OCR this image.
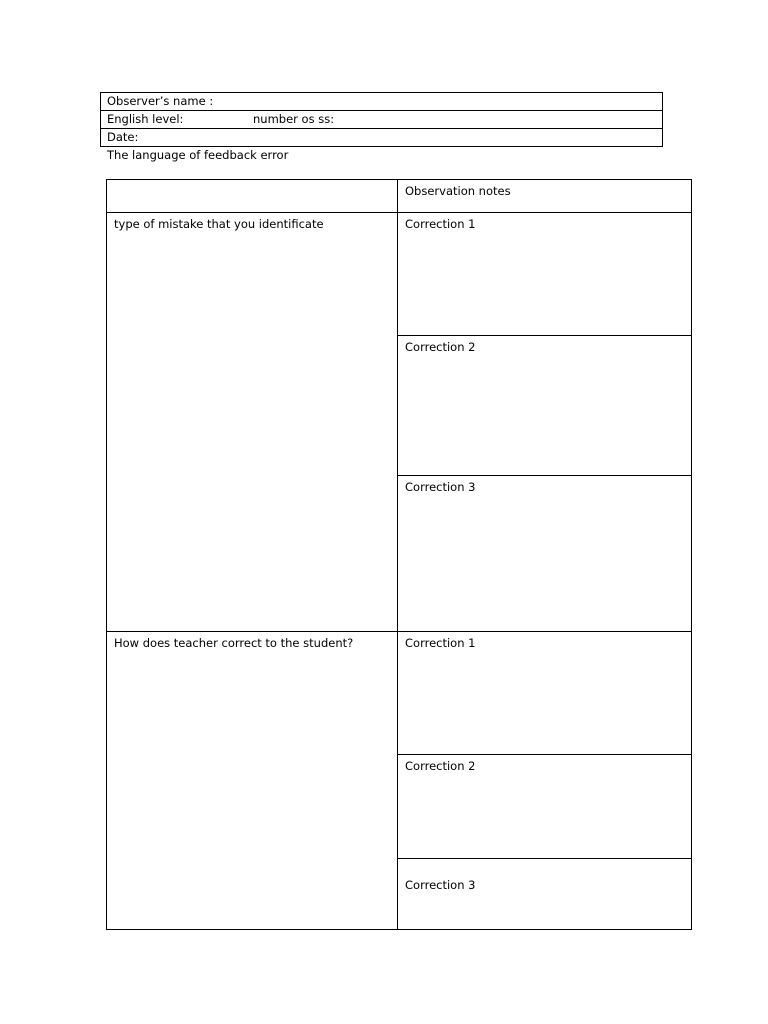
Observer’s name :
English level:	number os ss:
Date:
The language of feedback error
	Observation notes
type of mistake that you identificate	Correction 1
	Correction 2
	Correction 3
How does teacher correct to the student?	Correction 1
	Correction 2
	Correction 3
